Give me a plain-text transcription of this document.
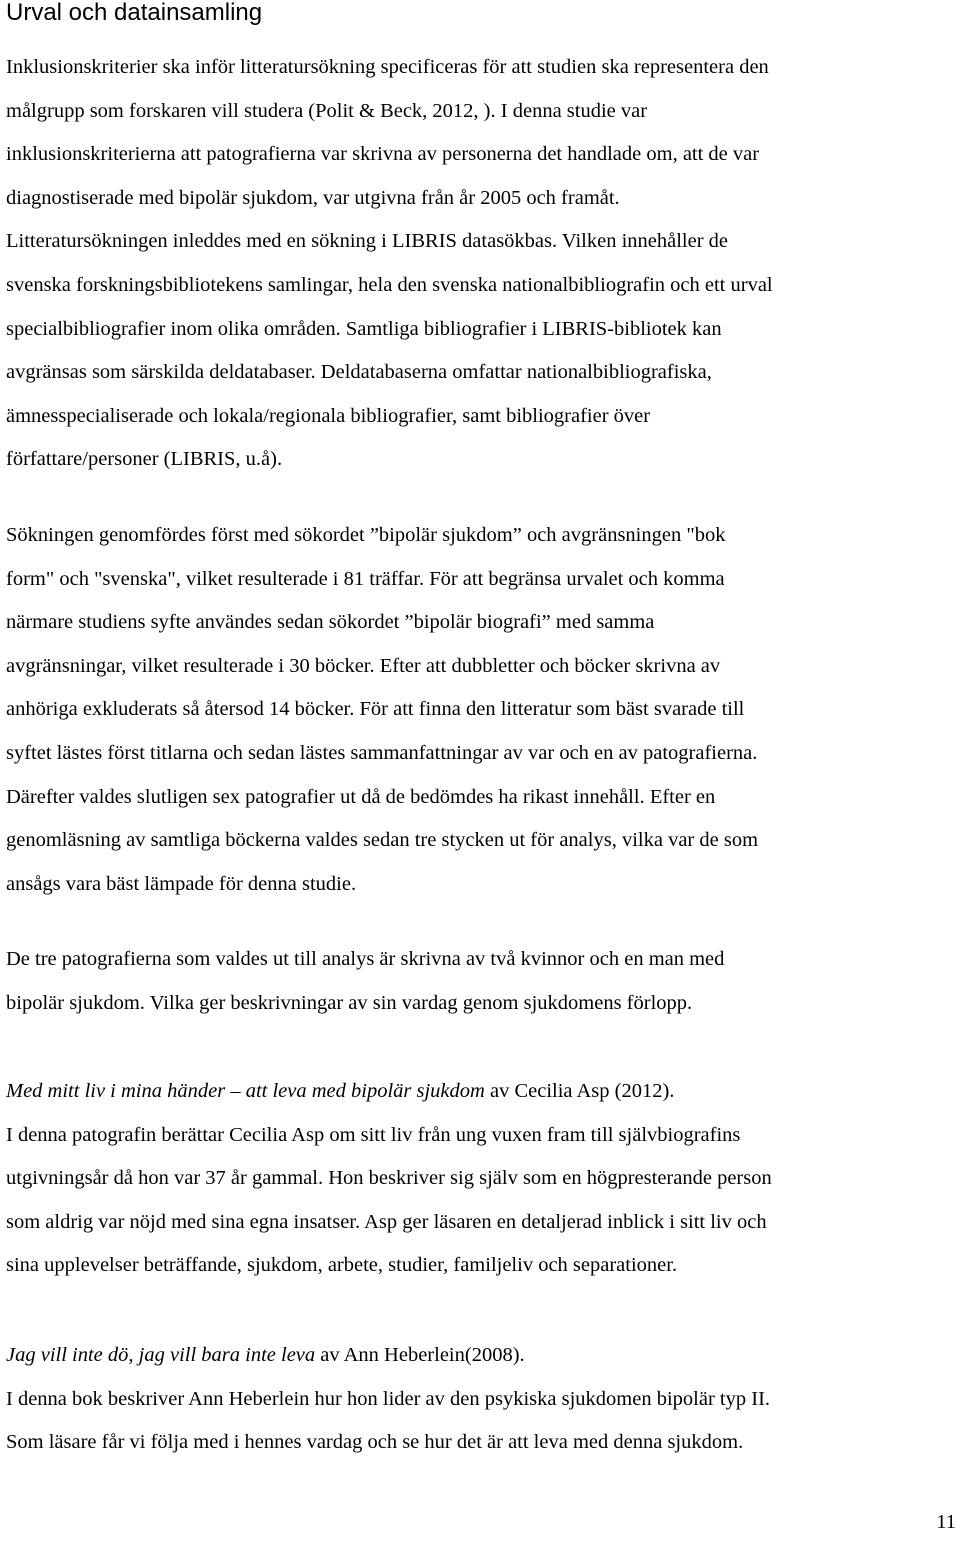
Urval och datainsamling

Inklusionskriterier ska inför litteratursökning specificeras för att studien ska representera den
målgrupp som forskaren vill studera (Polit & Beck, 2012, ). I denna studie var
inklusionskriterierna att patografierna var skrivna av personerna det handlade om, att de var
diagnostiserade med bipolär sjukdom, var utgivna från år 2005 och framåt.
Litteratursökningen inleddes med en sökning i LIBRIS datasökbas. Vilken innehåller de
svenska forskningsbibliotekens samlingar, hela den svenska nationalbibliografin och ett urval
specialbibliografier inom olika områden. Samtliga bibliografier i LIBRIS-bibliotek kan
avgränsas som särskilda deldatabaser. Deldatabaserna omfattar nationalbibliografiska,
ämnesspecialiserade och lokala/regionala bibliografier, samt bibliografier över
författare/personer (LIBRIS, u.å).

Sökningen genomfördes först med sökordet ”bipolär sjukdom” och avgränsningen "bok
form" och "svenska", vilket resulterade i 81 träffar. För att begränsa urvalet och komma
närmare studiens syfte användes sedan sökordet ”bipolär biografi” med samma
avgränsningar, vilket resulterade i 30 böcker. Efter att dubbletter och böcker skrivna av
anhöriga exkluderats så återsod 14 böcker. För att finna den litteratur som bäst svarade till
syftet lästes först titlarna och sedan lästes sammanfattningar av var och en av patografierna.
Därefter valdes slutligen sex patografier ut då de bedömdes ha rikast innehåll. Efter en
genomläsning av samtliga böckerna valdes sedan tre stycken ut för analys, vilka var de som
ansågs vara bäst lämpade för denna studie.

De tre patografierna som valdes ut till analys är skrivna av två kvinnor och en man med
bipolär sjukdom. Vilka ger beskrivningar av sin vardag genom sjukdomens förlopp.

Med mitt liv i mina händer – att leva med bipolär sjukdom av Cecilia Asp (2012).
I denna patografin berättar Cecilia Asp om sitt liv från ung vuxen fram till självbiografins
utgivningsår då hon var 37 år gammal. Hon beskriver sig själv som en högpresterande person
som aldrig var nöjd med sina egna insatser. Asp ger läsaren en detaljerad inblick i sitt liv och
sina upplevelser beträffande, sjukdom, arbete, studier, familjeliv och separationer.

Jag vill inte dö, jag vill bara inte leva av Ann Heberlein(2008).
I denna bok beskriver Ann Heberlein hur hon lider av den psykiska sjukdomen bipolär typ II.
Som läsare får vi följa med i hennes vardag och se hur det är att leva med denna sjukdom.

11
